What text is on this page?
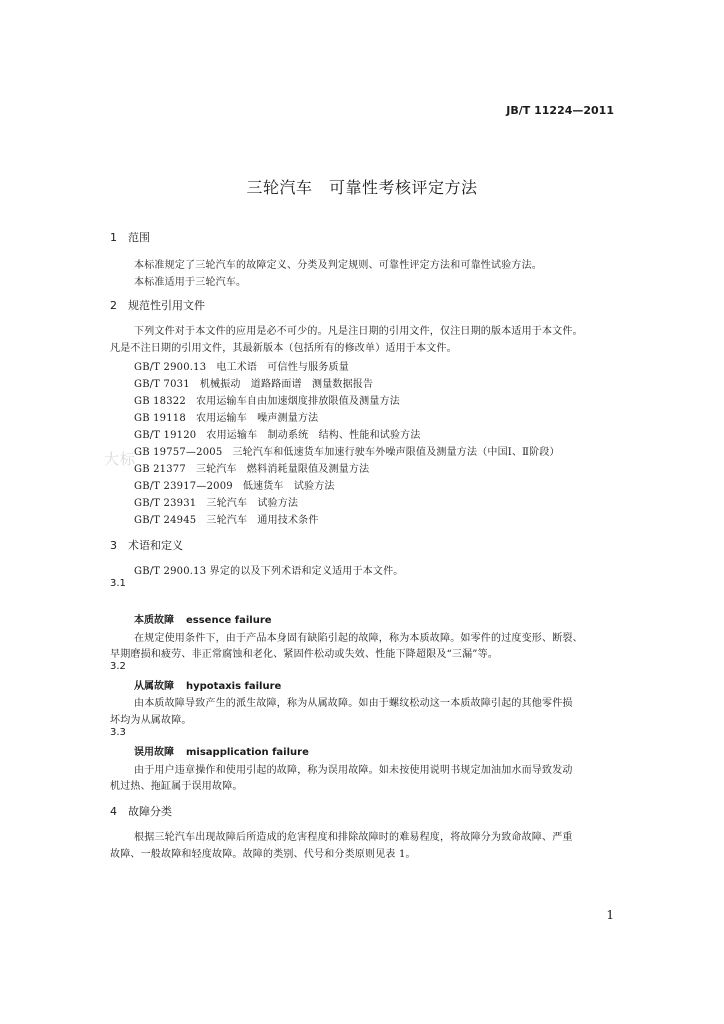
JB/T 11224—2011
三轮汽车　可靠性考核评定方法
1 范围
本标准规定了三轮汽车的故障定义、分类及判定规则、可靠性评定方法和可靠性试验方法。
本标准适用于三轮汽车。
2 规范性引用文件
下列文件对于本文件的应用是必不可少的。凡是注日期的引用文件，仅注日期的版本适用于本文件。
凡是不注日期的引用文件，其最新版本（包括所有的修改单）适用于本文件。
GB/T 2900.13 电工术语　可信性与服务质量
GB/T 7031 机械振动　道路路面谱　测量数据报告
GB 18322 农用运输车自由加速烟度排放限值及测量方法
GB 19118 农用运输车　噪声测量方法
GB/T 19120 农用运输车　制动系统　结构、性能和试验方法
GB 19757—2005 三轮汽车和低速货车加速行驶车外噪声限值及测量方法（中国Ⅰ、Ⅱ阶段）
GB 21377 三轮汽车　燃料消耗量限值及测量方法
GB/T 23917—2009 低速货车　试验方法
GB/T 23931 三轮汽车　试验方法
GB/T 24945 三轮汽车　通用技术条件
大标
3 术语和定义
GB/T 2900.13 界定的以及下列术语和定义适用于本文件。
3.1
本质故障 essence failure
在规定使用条件下，由于产品本身固有缺陷引起的故障，称为本质故障。如零件的过度变形、断裂、
早期磨损和疲劳、非正常腐蚀和老化、紧固件松动或失效、性能下降超限及“三漏”等。
3.2
从属故障 hypotaxis failure
由本质故障导致产生的派生故障，称为从属故障。如由于螺纹松动这一本质故障引起的其他零件损
坏均为从属故障。
3.3
误用故障 misapplication failure
由于用户违章操作和使用引起的故障，称为误用故障。如未按使用说明书规定加油加水而导致发动
机过热、拖缸属于误用故障。
4 故障分类
根据三轮汽车出现故障后所造成的危害程度和排除故障时的难易程度，将故障分为致命故障、严重
故障、一般故障和轻度故障。故障的类别、代号和分类原则见表 1。
1
